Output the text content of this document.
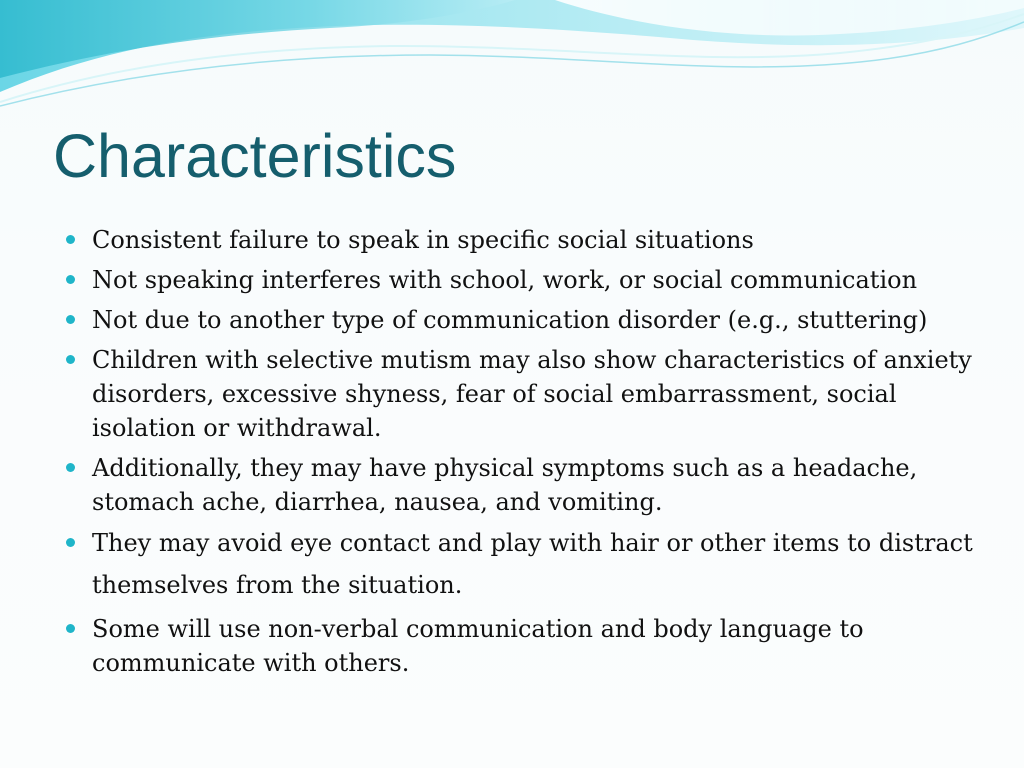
Characteristics
Consistent failure to speak in specific social situations
Not speaking interferes with school, work, or social communication
Not due to another type of communication disorder (e.g., stuttering)
Children with selective mutism may also show characteristics of anxiety disorders, excessive shyness, fear of social embarrassment, social isolation or withdrawal.
Additionally, they may have physical symptoms such as a headache, stomach ache, diarrhea, nausea, and vomiting.
They may avoid eye contact and play with hair or other items to distract themselves from the situation.
Some will use non-verbal communication and body language to communicate with others.
